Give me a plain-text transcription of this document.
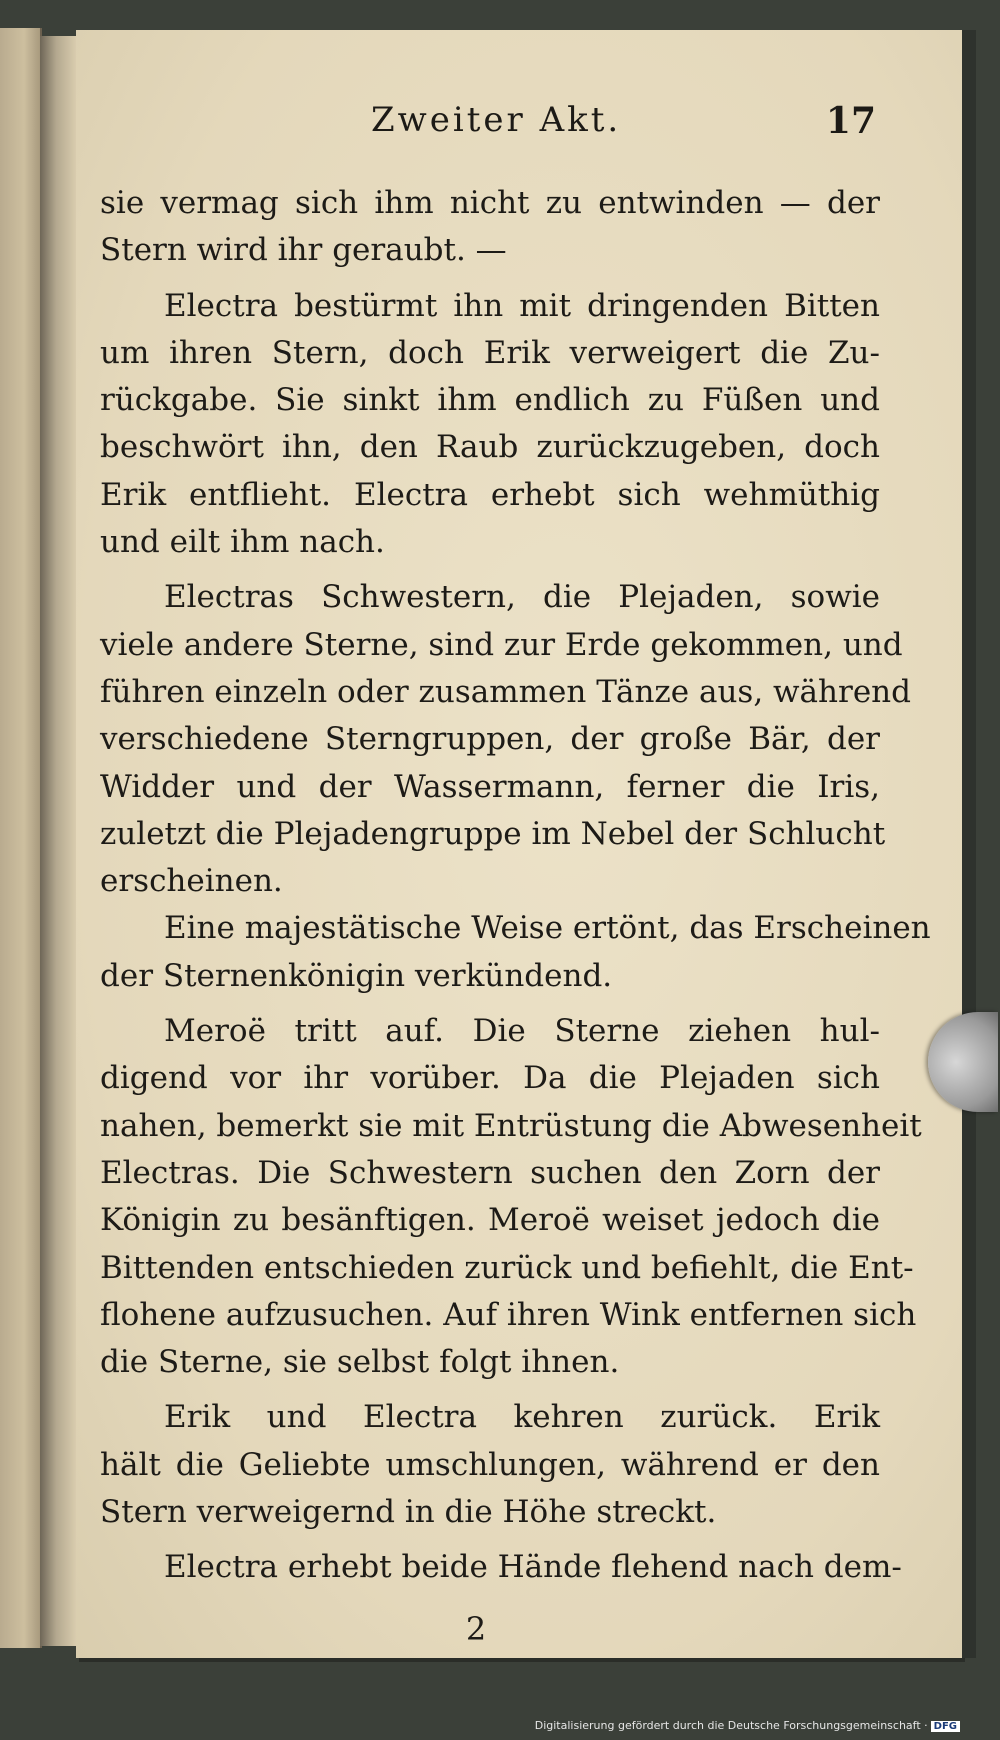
Zweiter Akt.	17
sie vermag sich ihm nicht zu entwinden — der
Stern wird ihr geraubt. —
Electra bestürmt ihn mit dringenden Bitten
um ihren Stern, doch Erik verweigert die Zu-
rückgabe. Sie sinkt ihm endlich zu Füßen und
beschwört ihn, den Raub zurückzugeben, doch
Erik entflieht. Electra erhebt sich wehmüthig
und eilt ihm nach.
Electras Schwestern, die Plejaden, sowie
viele andere Sterne, sind zur Erde gekommen, und
führen einzeln oder zusammen Tänze aus, während
verschiedene Sterngruppen, der große Bär, der
Widder und der Wassermann, ferner die Iris,
zuletzt die Plejadengruppe im Nebel der Schlucht
erscheinen.
Eine majestätische Weise ertönt, das Erscheinen
der Sternenkönigin verkündend.
Meroë tritt auf. Die Sterne ziehen hul-
digend vor ihr vorüber. Da die Plejaden sich
nahen, bemerkt sie mit Entrüstung die Abwesenheit
Electras. Die Schwestern suchen den Zorn der
Königin zu besänftigen. Meroë weiset jedoch die
Bittenden entschieden zurück und befiehlt, die Ent-
flohene aufzusuchen. Auf ihren Wink entfernen sich
die Sterne, sie selbst folgt ihnen.
Erik und Electra kehren zurück. Erik
hält die Geliebte umschlungen, während er den
Stern verweigernd in die Höhe streckt.
Electra erhebt beide Hände flehend nach dem-
2
Digitalisierung gefördert durch die Deutsche Forschungsgemeinschaft · DFG
